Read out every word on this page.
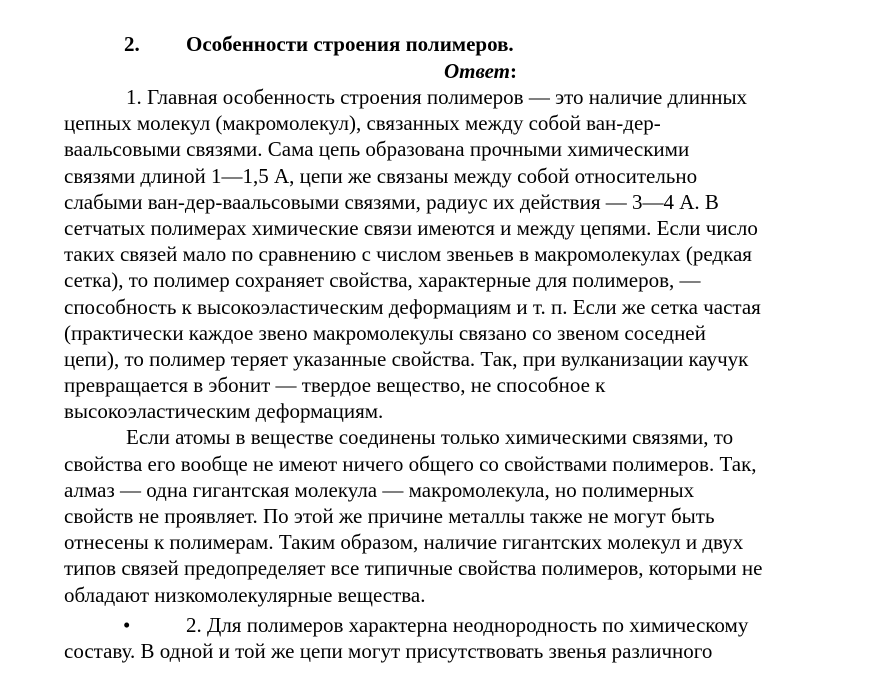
2. Особенности строения полимеров.
Ответ:
1. Главная особенность строения полимеров — это наличие длинных
цепных молекул (макромолекул), связанных между собой ван-дер-
ваальсовыми связями. Сама цепь образована прочными химическими
связями длиной 1—1,5 А, цепи же связаны между собой относительно
слабыми ван-дер-ваальсовыми связями, радиус их действия — 3—4 А. В
сетчатых полимерах химические связи имеются и между цепями. Если число
таких связей мало по сравнению с числом звеньев в макромолекулах (редкая
сетка), то полимер сохраняет свойства, характерные для полимеров, —
способность к высокоэластическим деформациям и т. п. Если же сетка частая
(практически каждое звено макромолекулы связано со звеном соседней
цепи), то полимер теряет указанные свойства. Так, при вулканизации каучук
превращается в эбонит — твердое вещество, не способное к
высокоэластическим деформациям.
Если атомы в веществе соединены только химическими связями, то
свойства его вообще не имеют ничего общего со свойствами полимеров. Так,
алмаз — одна гигантская молекула — макромолекула, но полимерных
свойств не проявляет. По этой же причине металлы также не могут быть
отнесены к полимерам. Таким образом, наличие гигантских молекул и двух
типов связей предопределяет все типичные свойства полимеров, которыми не
обладают низкомолекулярные вещества.
•	2. Для полимеров характерна неоднородность по химическому
составу. В одной и той же цепи могут присутствовать звенья различного
